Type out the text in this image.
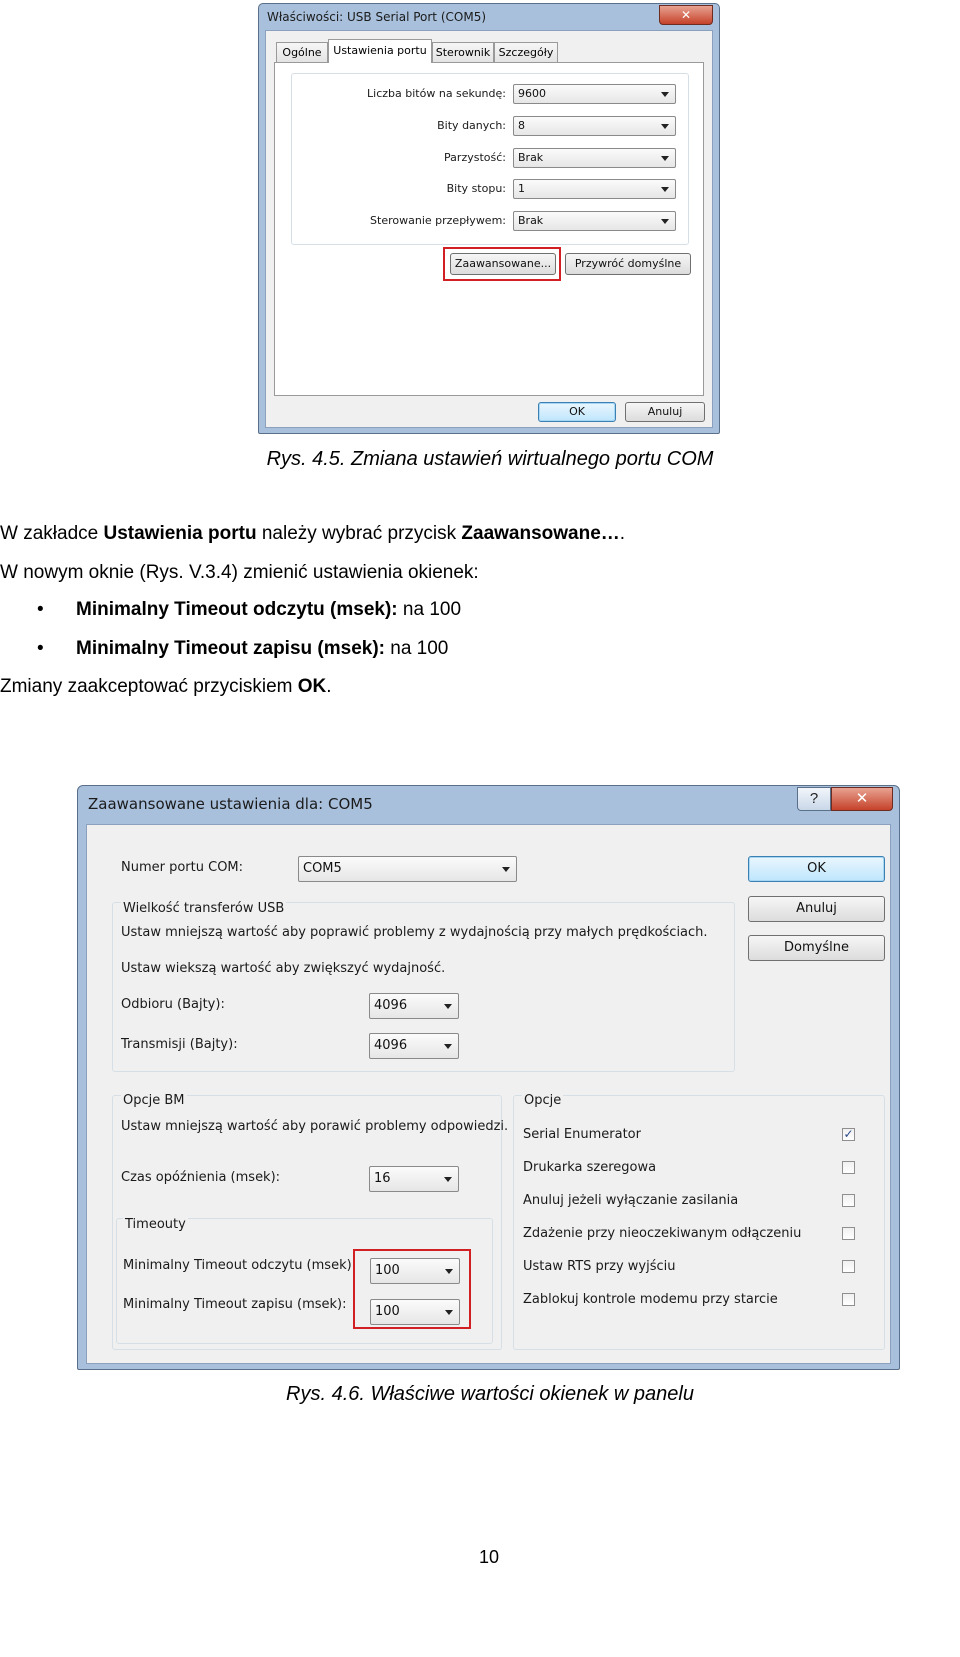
Właściwości: USB Serial Port (COM5)	✕
Ogólne	Ustawienia portu Sterownik Szczegóły
Liczba bitów na sekundę:	9600
Bity danych:	8
Parzystość:	Brak
Bity stopu:	1
Sterowanie przepływem:	Brak
Zaawansowane...	Przywróć domyślne
OK	Anuluj
Rys. 4.5. Zmiana ustawień wirtualnego portu COM
W zakładce Ustawienia portu należy wybrać przycisk Zaawansowane….
W nowym oknie (Rys. V.3.4) zmienić ustawienia okienek:
• Minimalny Timeout odczytu (msek): na 100
• Minimalny Timeout zapisu (msek): na 100
Zmiany zaakceptować przyciskiem OK.
Zaawansowane ustawienia dla: COM5	?	✕
Numer portu COM:	COM5	OK
Anuluj
Domyślne
Wielkość transferów USB
Ustaw mniejszą wartość aby poprawić problemy z wydajnością przy małych prędkościach.
Ustaw wiekszą wartość aby zwiększyć wydajność.
Odbioru (Bajty):	4096
Transmisji (Bajty):	4096
Opcje BM
Ustaw mniejszą wartość aby porawić problemy odpowiedzi.
Czas opóźnienia (msek):	16
Timeouty
Minimalny Timeout odczytu (msek):	100
Minimalny Timeout zapisu (msek):	100
Opcje
Serial Enumerator	✓
Drukarka szeregowa
Anuluj jeżeli wyłączanie zasilania
Zdażenie przy nieoczekiwanym odłączeniu
Ustaw RTS przy wyjściu
Zablokuj kontrole modemu przy starcie
Rys. 4.6. Właściwe wartości okienek w panelu
10
